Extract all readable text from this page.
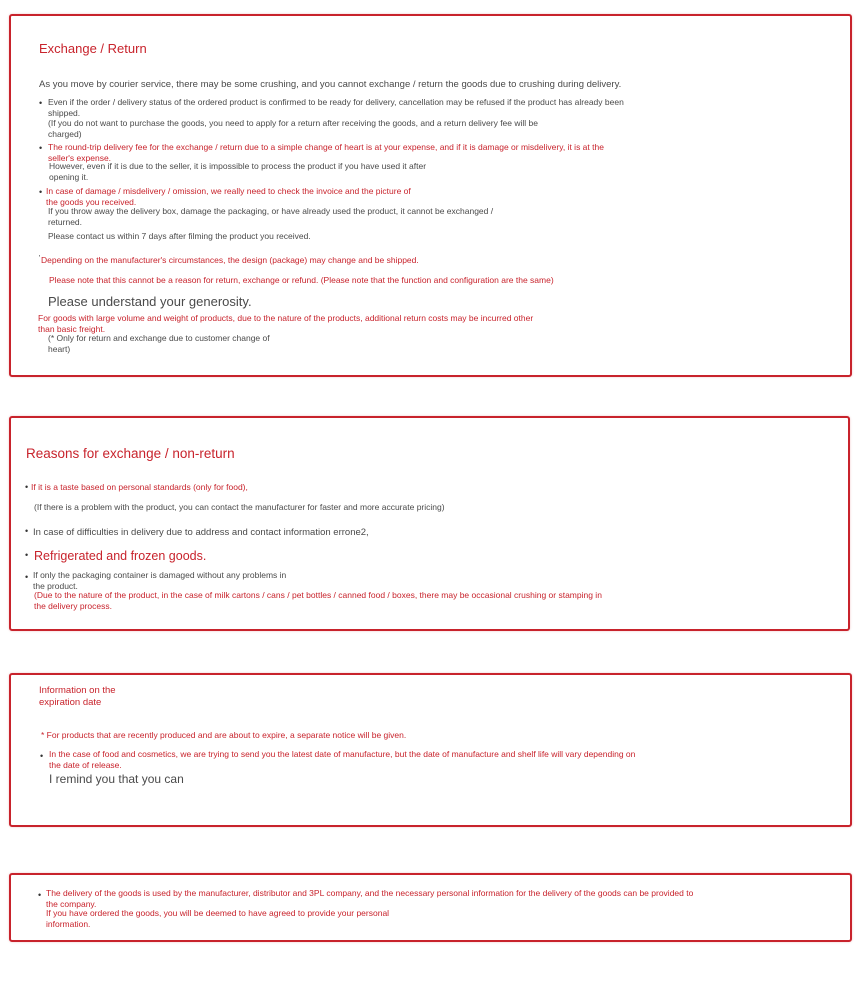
Exchange / Return
As you move by courier service, there may be some crushing, and you cannot exchange / return the goods due to crushing during delivery.
• Even if the order / delivery status of the ordered product is confirmed to be ready for delivery, cancellation may be refused if the product has already been
shipped.
(If you do not want to purchase the goods, you need to apply for a return after receiving the goods, and a return delivery fee will be
charged)
• The round-trip delivery fee for the exchange / return due to a simple change of heart is at your expense, and if it is damage or misdelivery, it is at the
seller's expense.
However, even if it is due to the seller, it is impossible to process the product if you have used it after
opening it.
• In case of damage / misdelivery / omission, we really need to check the invoice and the picture of
the goods you received.
If you throw away the delivery box, damage the packaging, or have already used the product, it cannot be exchanged /
returned.
Please contact us within 7 days after filming the product you received.
' Depending on the manufacturer's circumstances, the design (package) may change and be shipped.
Please note that this cannot be a reason for return, exchange or refund. (Please note that the function and configuration are the same)
Please understand your generosity.
For goods with large volume and weight of products, due to the nature of the products, additional return costs may be incurred other
than basic freight.
(* Only for return and exchange due to customer change of
heart)
Reasons for exchange / non-return
• If it is a taste based on personal standards (only for food),
(If there is a problem with the product, you can contact the manufacturer for faster and more accurate pricing)
• In case of difficulties in delivery due to address and contact information errone2,
• Refrigerated and frozen goods.
• If only the packaging container is damaged without any problems in
the product.
(Due to the nature of the product, in the case of milk cartons / cans / pet bottles / canned food / boxes, there may be occasional crushing or stamping in
the delivery process.
Information on the
expiration date
* For products that are recently produced and are about to expire, a separate notice will be given.
• In the case of food and cosmetics, we are trying to send you the latest date of manufacture, but the date of manufacture and shelf life will vary depending on
the date of release.
I remind you that you can
• The delivery of the goods is used by the manufacturer, distributor and 3PL company, and the necessary personal information for the delivery of the goods can be provided to
the company.
If you have ordered the goods, you will be deemed to have agreed to provide your personal
information.
